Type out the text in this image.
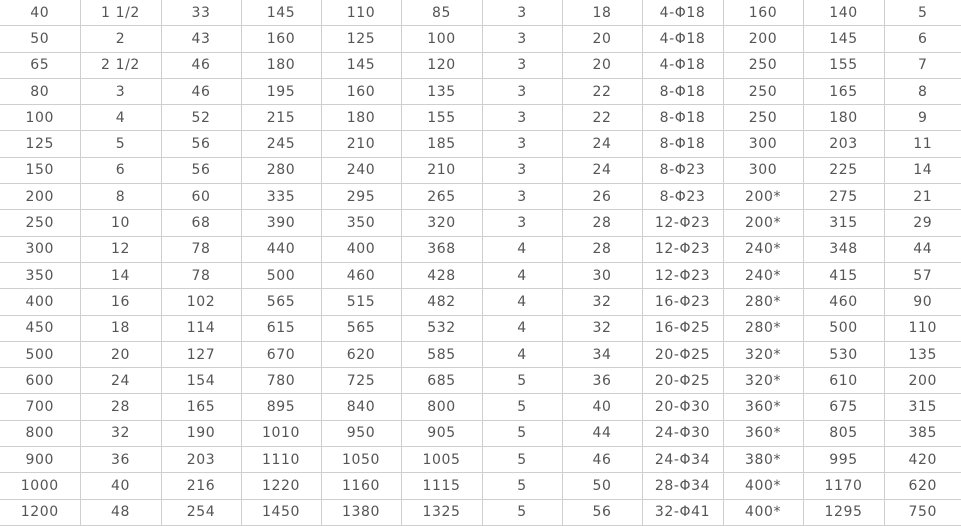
40	1 1/2	33	145	110	85	3	18	4-Φ18	160	140	5
50	2	43	160	125	100	3	20	4-Φ18	200	145	6
65	2 1/2	46	180	145	120	3	20	4-Φ18	250	155	7
80	3	46	195	160	135	3	22	8-Φ18	250	165	8
100	4	52	215	180	155	3	22	8-Φ18	250	180	9
125	5	56	245	210	185	3	24	8-Φ18	300	203	11
150	6	56	280	240	210	3	24	8-Φ23	300	225	14
200	8	60	335	295	265	3	26	8-Φ23	200*	275	21
250	10	68	390	350	320	3	28	12-Φ23	200*	315	29
300	12	78	440	400	368	4	28	12-Φ23	240*	348	44
350	14	78	500	460	428	4	30	12-Φ23	240*	415	57
400	16	102	565	515	482	4	32	16-Φ23	280*	460	90
450	18	114	615	565	532	4	32	16-Φ25	280*	500	110
500	20	127	670	620	585	4	34	20-Φ25	320*	530	135
600	24	154	780	725	685	5	36	20-Φ25	320*	610	200
700	28	165	895	840	800	5	40	20-Φ30	360*	675	315
800	32	190	1010	950	905	5	44	24-Φ30	360*	805	385
900	36	203	1110	1050	1005	5	46	24-Φ34	380*	995	420
1000	40	216	1220	1160	1115	5	50	28-Φ34	400*	1170	620
1200	48	254	1450	1380	1325	5	56	32-Φ41	400*	1295	750
